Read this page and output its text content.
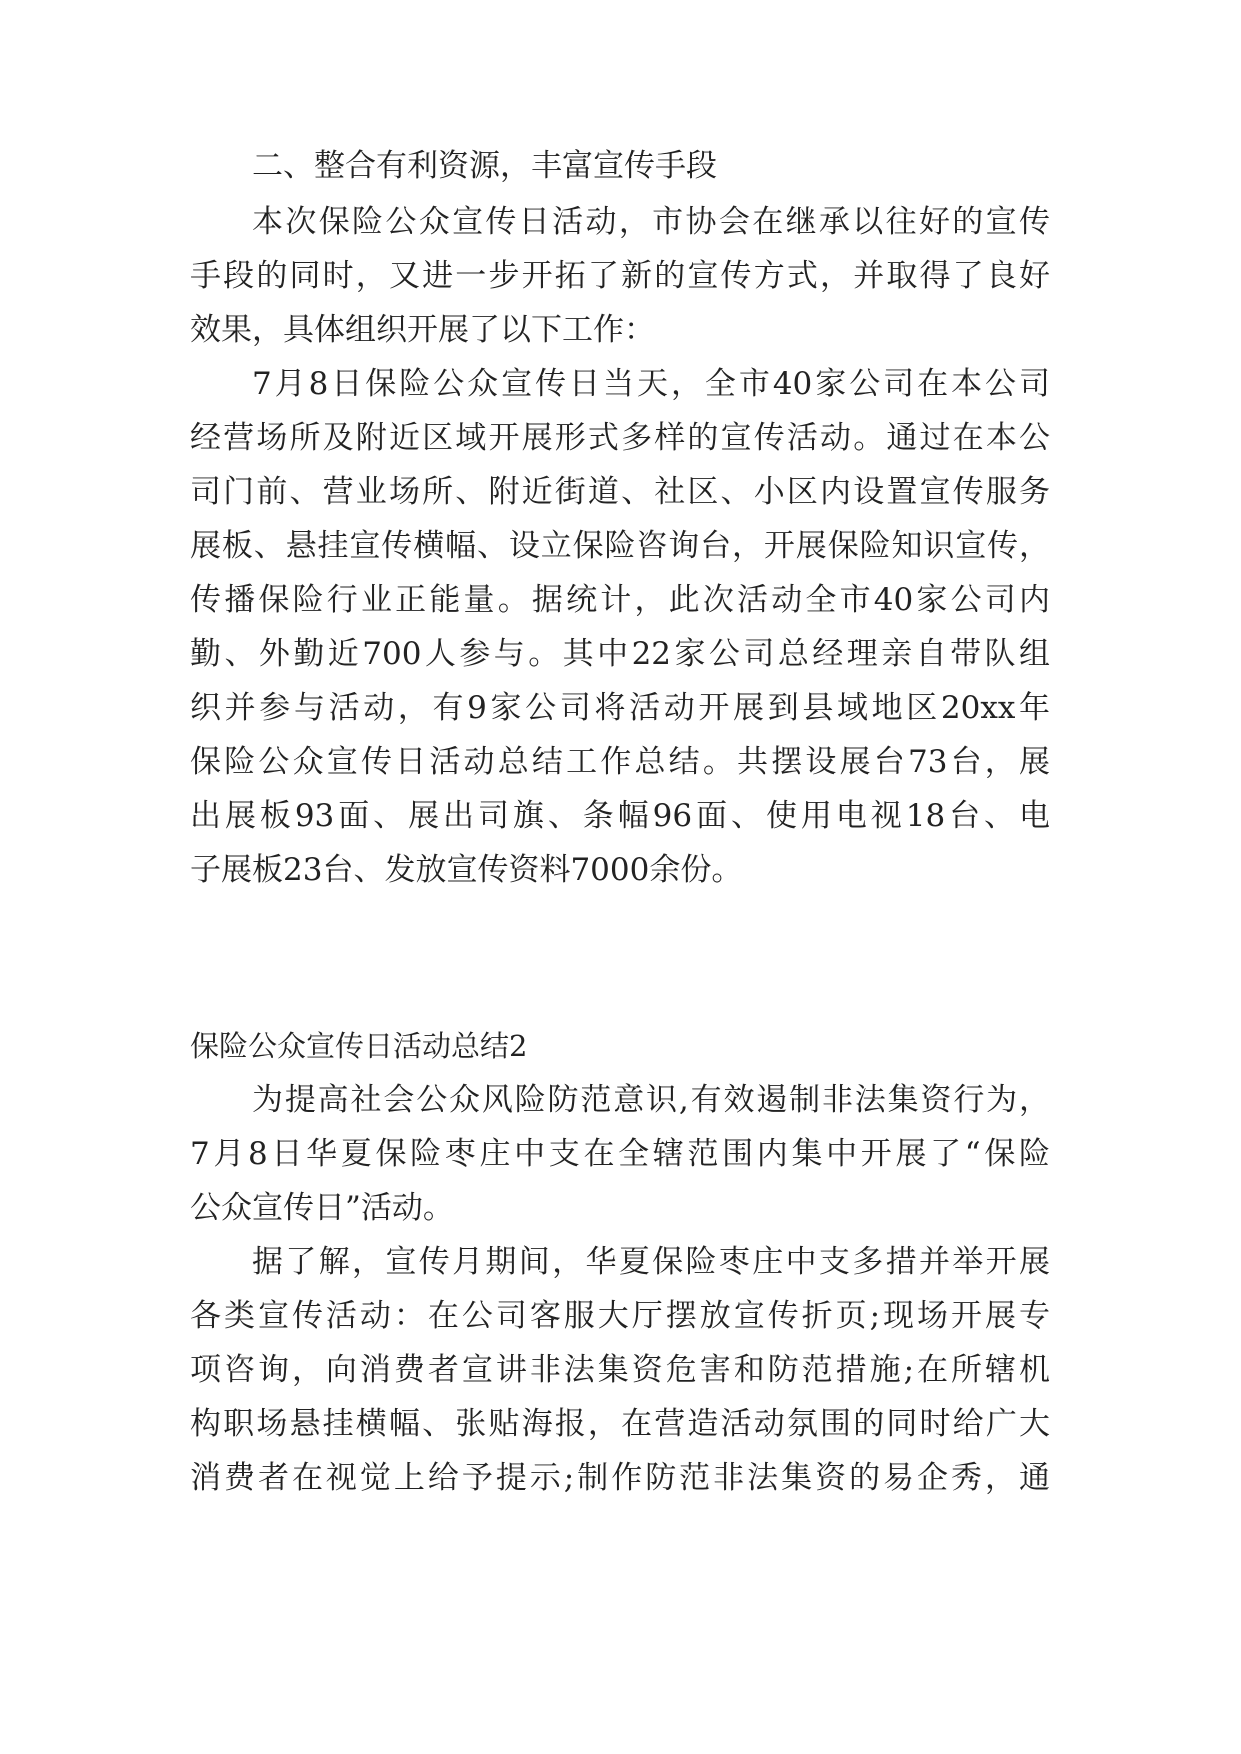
二、整合有利资源，丰富宣传手段
本次保险公众宣传日活动，市协会在继承以往好的宣传
手段的同时，又进一步开拓了新的宣传方式，并取得了良好
效果，具体组织开展了以下工作：
7月8日保险公众宣传日当天，全市40家公司在本公司
经营场所及附近区域开展形式多样的宣传活动。通过在本公
司门前、营业场所、附近街道、社区、小区内设置宣传服务
展板、悬挂宣传横幅、设立保险咨询台，开展保险知识宣传，
传播保险行业正能量。据统计，此次活动全市40家公司内
勤、外勤近700人参与。其中22家公司总经理亲自带队组
织并参与活动，有9家公司将活动开展到县域地区20xx年
保险公众宣传日活动总结工作总结。共摆设展台73台，展
出展板93面、展出司旗、条幅96面、使用电视18台、电
子展板23台、发放宣传资料7000余份。
保险公众宣传日活动总结2
为提高社会公众风险防范意识,有效遏制非法集资行为，
7月8日华夏保险枣庄中支在全辖范围内集中开展了“保险
公众宣传日”活动。
据了解，宣传月期间，华夏保险枣庄中支多措并举开展
各类宣传活动：在公司客服大厅摆放宣传折页;现场开展专
项咨询，向消费者宣讲非法集资危害和防范措施;在所辖机
构职场悬挂横幅、张贴海报，在营造活动氛围的同时给广大
消费者在视觉上给予提示;制作防范非法集资的易企秀，通
